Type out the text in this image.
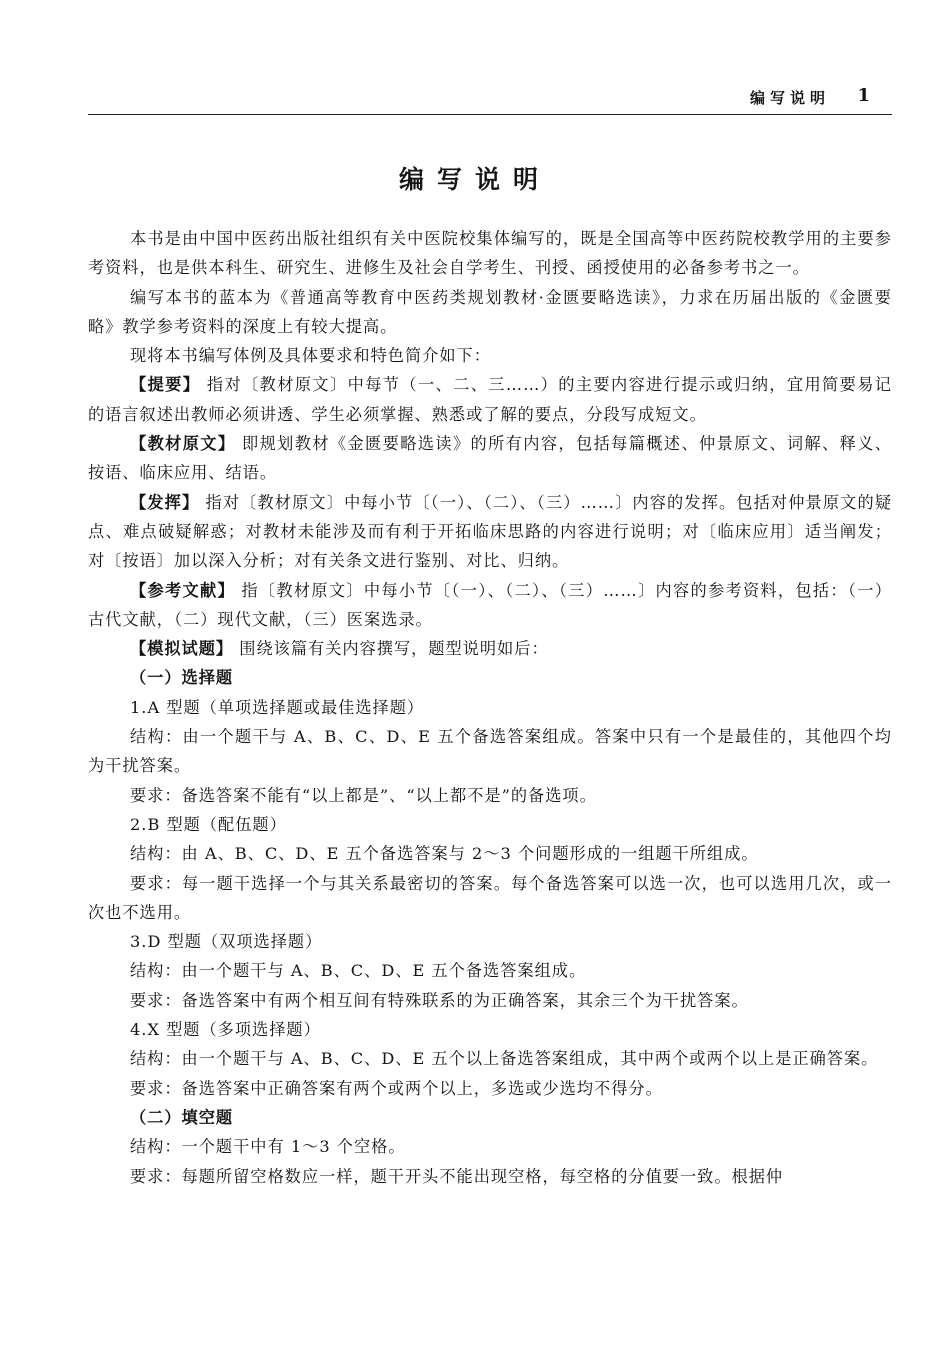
编写说明 1
编写说明

本书是由中国中医药出版社组织有关中医院校集体编写的，既是全国高等中医药院校教学用的主要参考资料，也是供本科生、研究生、进修生及社会自学考生、刊授、函授使用的必备参考书之一。

编写本书的蓝本为《普通高等教育中医药类规划教材·金匮要略选读》，力求在历届出版的《金匮要略》教学参考资料的深度上有较大提高。

现将本书编写体例及具体要求和特色简介如下：

【提要】 指对〔教材原文〕中每节（一、二、三……）的主要内容进行提示或归纳，宜用简要易记的语言叙述出教师必须讲透、学生必须掌握、熟悉或了解的要点，分段写成短文。

【教材原文】 即规划教材《金匮要略选读》的所有内容，包括每篇概述、仲景原文、词解、释义、按语、临床应用、结语。

【发挥】 指对〔教材原文〕中每小节〔（一）、（二）、（三）……〕内容的发挥。包括对仲景原文的疑点、难点破疑解惑；对教材未能涉及而有利于开拓临床思路的内容进行说明；对〔临床应用〕适当阐发；对〔按语〕加以深入分析；对有关条文进行鉴别、对比、归纳。

【参考文献】 指〔教材原文〕中每小节〔（一）、（二）、（三）……〕内容的参考资料，包括：（一）古代文献，（二）现代文献，（三）医案选录。

【模拟试题】 围绕该篇有关内容撰写，题型说明如后：

（一）选择题

1.A 型题（单项选择题或最佳选择题）

结构：由一个题干与 A、B、C、D、E 五个备选答案组成。答案中只有一个是最佳的，其他四个均为干扰答案。

要求：备选答案不能有“以上都是”、“以上都不是”的备选项。

2.B 型题（配伍题）

结构：由 A、B、C、D、E 五个备选答案与 2～3 个问题形成的一组题干所组成。

要求：每一题干选择一个与其关系最密切的答案。每个备选答案可以选一次，也可以选用几次，或一次也不选用。

3.D 型题（双项选择题）

结构：由一个题干与 A、B、C、D、E 五个备选答案组成。

要求：备选答案中有两个相互间有特殊联系的为正确答案，其余三个为干扰答案。

4.X 型题（多项选择题）

结构：由一个题干与 A、B、C、D、E 五个以上备选答案组成，其中两个或两个以上是正确答案。

要求：备选答案中正确答案有两个或两个以上，多选或少选均不得分。

（二）填空题

结构：一个题干中有 1～3 个空格。

要求：每题所留空格数应一样，题干开头不能出现空格，每空格的分值要一致。根据仲
